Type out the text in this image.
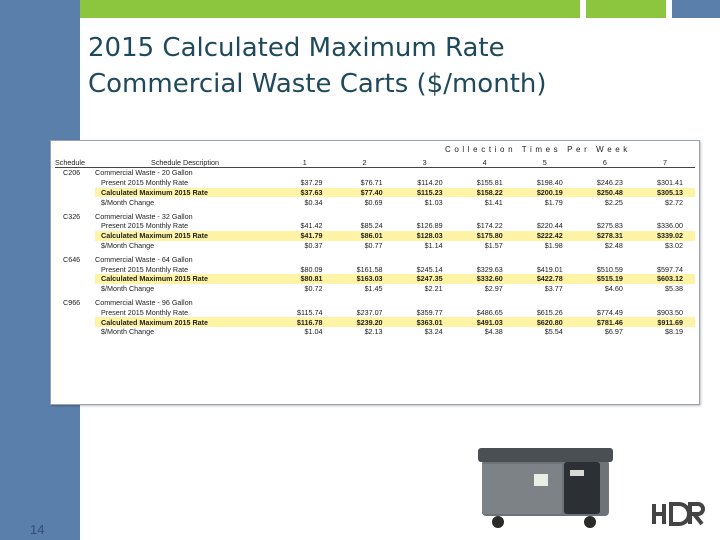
2015 Calculated Maximum Rate
Commercial Waste Carts ($/month)
Collection Times Per Week
Schedule	Schedule Description	1	2	3	4	5	6	7
C206	Commercial Waste - 20 Gallon							
	Present 2015 Monthly Rate	$37.29	$76.71	$114.20	$155.81	$198.40	$246.23	$301.41
	Calculated Maximum 2015 Rate	$37.63	$77.40	$115.23	$158.22	$200.19	$250.48	$305.13
	$/Month Change	$0.34	$0.69	$1.03	$1.41	$1.79	$2.25	$2.72

C326	Commercial Waste - 32 Gallon							
	Present 2015 Monthly Rate	$41.42	$85.24	$126.89	$174.22	$220.44	$275.83	$336.00
	Calculated Maximum 2015 Rate	$41.79	$86.01	$128.03	$175.80	$222.42	$278.31	$339.02
	$/Month Change	$0.37	$0.77	$1.14	$1.57	$1.98	$2.48	$3.02

C646	Commercial Waste - 64 Gallon							
	Present 2015 Monthly Rate	$80.09	$161.58	$245.14	$329.63	$419.01	$510.59	$597.74
	Calculated Maximum 2015 Rate	$80.81	$163.03	$247.35	$332.60	$422.78	$515.19	$603.12
	$/Month Change	$0.72	$1.45	$2.21	$2.97	$3.77	$4.60	$5.38

C966	Commercial Waste - 96 Gallon							
	Present 2015 Monthly Rate	$115.74	$237.07	$359.77	$486.65	$615.26	$774.49	$903.50
	Calculated Maximum 2015 Rate	$116.78	$239.20	$363.01	$491.03	$620.80	$781.46	$911.69
	$/Month Change	$1.04	$2.13	$3.24	$4.38	$5.54	$6.97	$8.19
14
